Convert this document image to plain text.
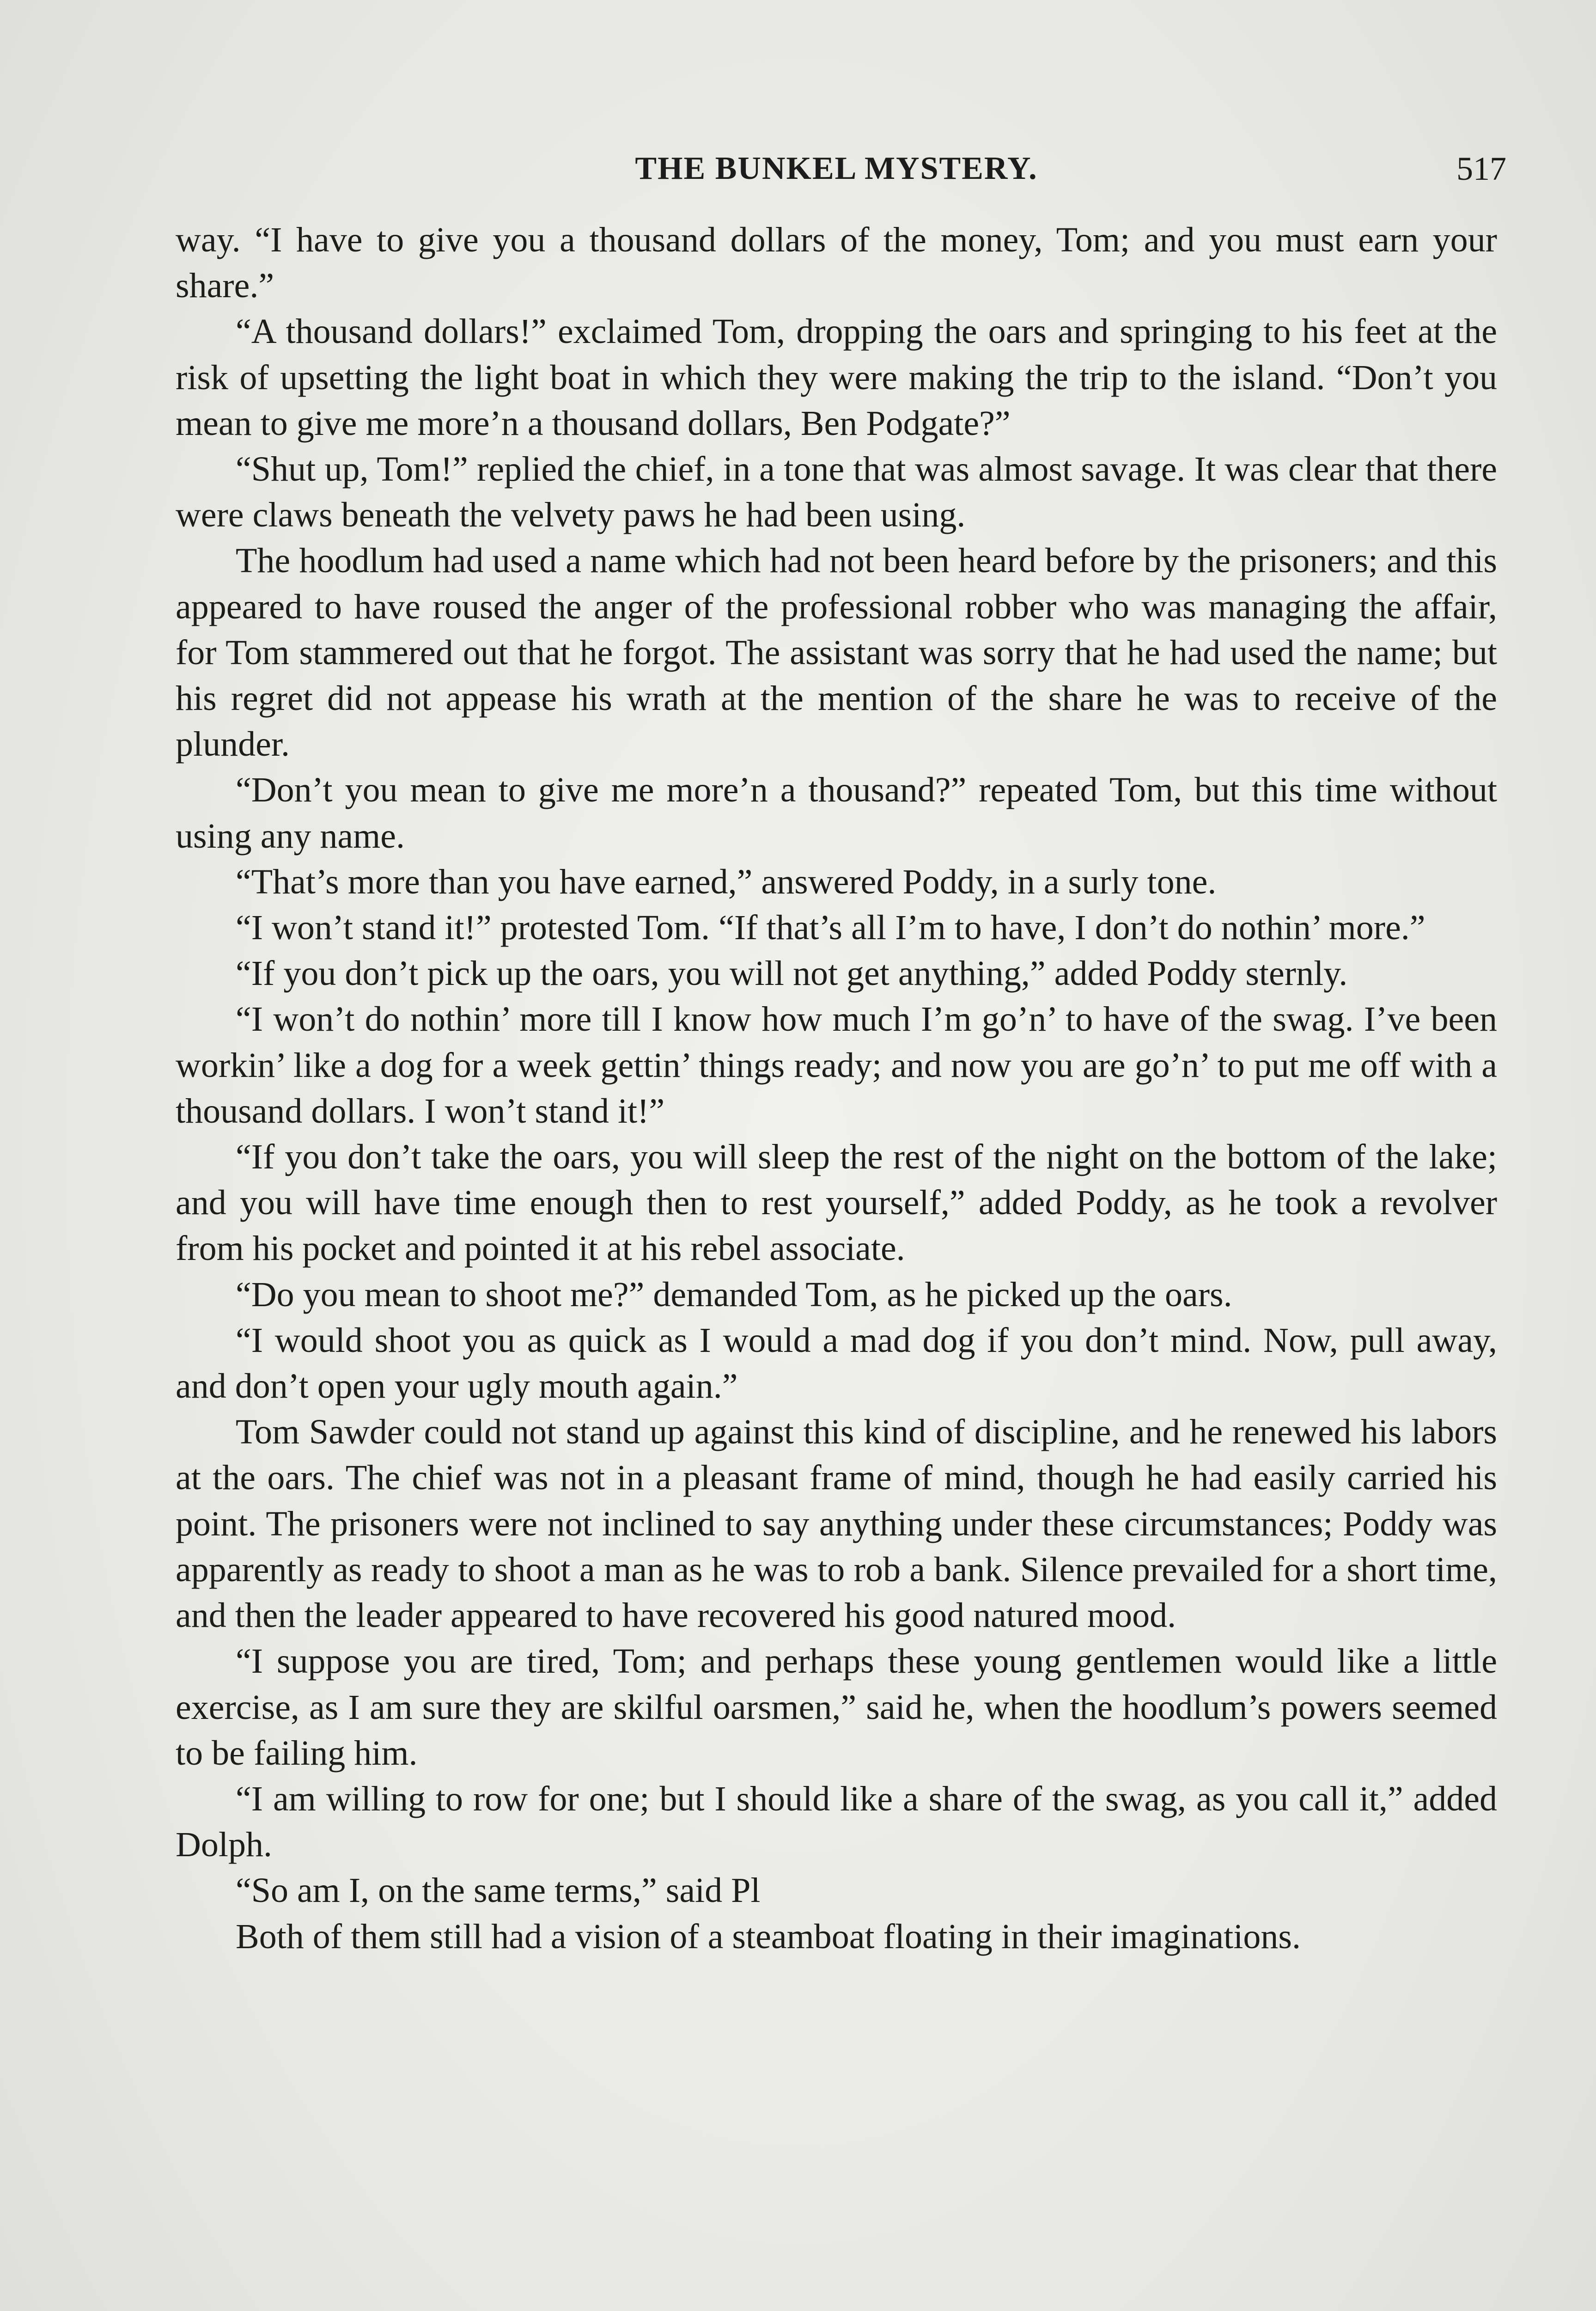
THE BUNKEL MYSTERY.	517

way. “I have to give you a thousand dollars of the money, Tom; and you must earn your share.”

“A thousand dollars!” exclaimed Tom, dropping the oars and springing to his feet at the risk of upsetting the light boat in which they were making the trip to the island. “Don’t you mean to give me more’n a thousand dollars, Ben Podgate?”

“Shut up, Tom!” replied the chief, in a tone that was almost savage. It was clear that there were claws beneath the velvety paws he had been using.

The hoodlum had used a name which had not been heard before by the prisoners; and this appeared to have roused the anger of the professional robber who was managing the affair, for Tom stammered out that he forgot. The assistant was sorry that he had used the name; but his regret did not appease his wrath at the mention of the share he was to receive of the plunder.

“Don’t you mean to give me more’n a thousand?” repeated Tom, but this time without using any name.

“That’s more than you have earned,” answered Poddy, in a surly tone.

“I won’t stand it!” protested Tom. “If that’s all I’m to have, I don’t do nothin’ more.”

“If you don’t pick up the oars, you will not get anything,” added Poddy sternly.

“I won’t do nothin’ more till I know how much I’m go’n’ to have of the swag. I’ve been workin’ like a dog for a week gettin’ things ready; and now you are go’n’ to put me off with a thousand dollars. I won’t stand it!”

“If you don’t take the oars, you will sleep the rest of the night on the bottom of the lake; and you will have time enough then to rest yourself,” added Poddy, as he took a revolver from his pocket and pointed it at his rebel associate.

“Do you mean to shoot me?” demanded Tom, as he picked up the oars.

“I would shoot you as quick as I would a mad dog if you don’t mind. Now, pull away, and don’t open your ugly mouth again.”

Tom Sawder could not stand up against this kind of discipline, and he renewed his labors at the oars. The chief was not in a pleasant frame of mind, though he had easily carried his point. The prisoners were not inclined to say anything under these circumstances; Poddy was apparently as ready to shoot a man as he was to rob a bank. Silence prevailed for a short time, and then the leader appeared to have recovered his good natured mood.

“I suppose you are tired, Tom; and perhaps these young gentlemen would like a little exercise, as I am sure they are skilful oarsmen,” said he, when the hoodlum’s powers seemed to be failing him.

“I am willing to row for one; but I should like a share of the swag, as you call it,” added Dolph.

“So am I, on the same terms,” said Pl

Both of them still had a vision of a steamboat floating in their imaginations.
